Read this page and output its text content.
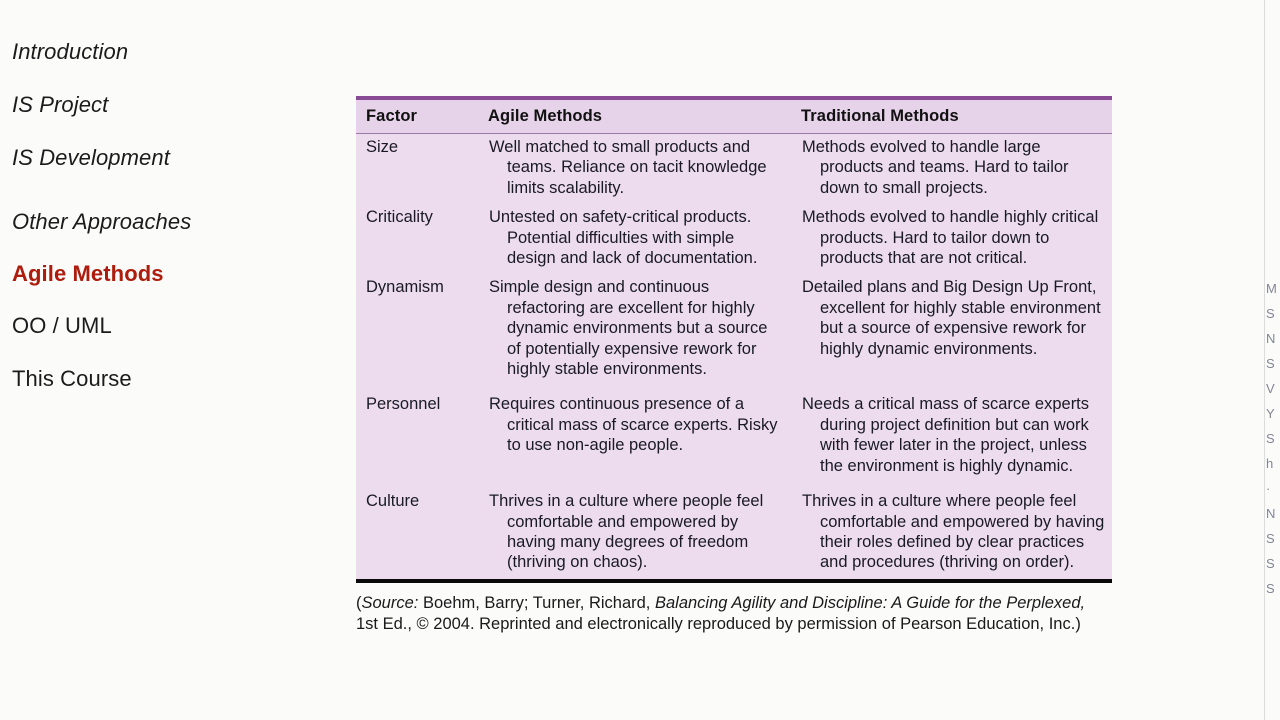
Introduction
IS Project
IS Development
Other Approaches
Agile Methods
OO / UML
This Course
Factor	Agile Methods	Traditional Methods
Size	Well matched to small products and teams. Reliance on tacit knowledge limits scalability.	Methods evolved to handle large products and teams. Hard to tailor down to small projects.
Criticality	Untested on safety-critical products. Potential difficulties with simple design and lack of documentation.	Methods evolved to handle highly critical products. Hard to tailor down to products that are not critical.
Dynamism	Simple design and continuous refactoring are excellent for highly dynamic environments but a source of potentially expensive rework for highly stable environments.	Detailed plans and Big Design Up Front, excellent for highly stable environment but a source of expensive rework for highly dynamic environments.
Personnel	Requires continuous presence of a critical mass of scarce experts. Risky to use non-agile people.	Needs a critical mass of scarce experts during project definition but can work with fewer later in the project, unless the environment is highly dynamic.
Culture	Thrives in a culture where people feel comfortable and empowered by having many degrees of freedom (thriving on chaos).	Thrives in a culture where people feel comfortable and empowered by having their roles defined by clear practices and procedures (thriving on order).
(Source: Boehm, Barry; Turner, Richard, Balancing Agility and Discipline: A Guide for the Perplexed, 1st Ed., © 2004. Reprinted and electronically reproduced by permission of Pearson Education, Inc.)
M
S
N
S
V
Y
S
h
·
N
S
S
S
